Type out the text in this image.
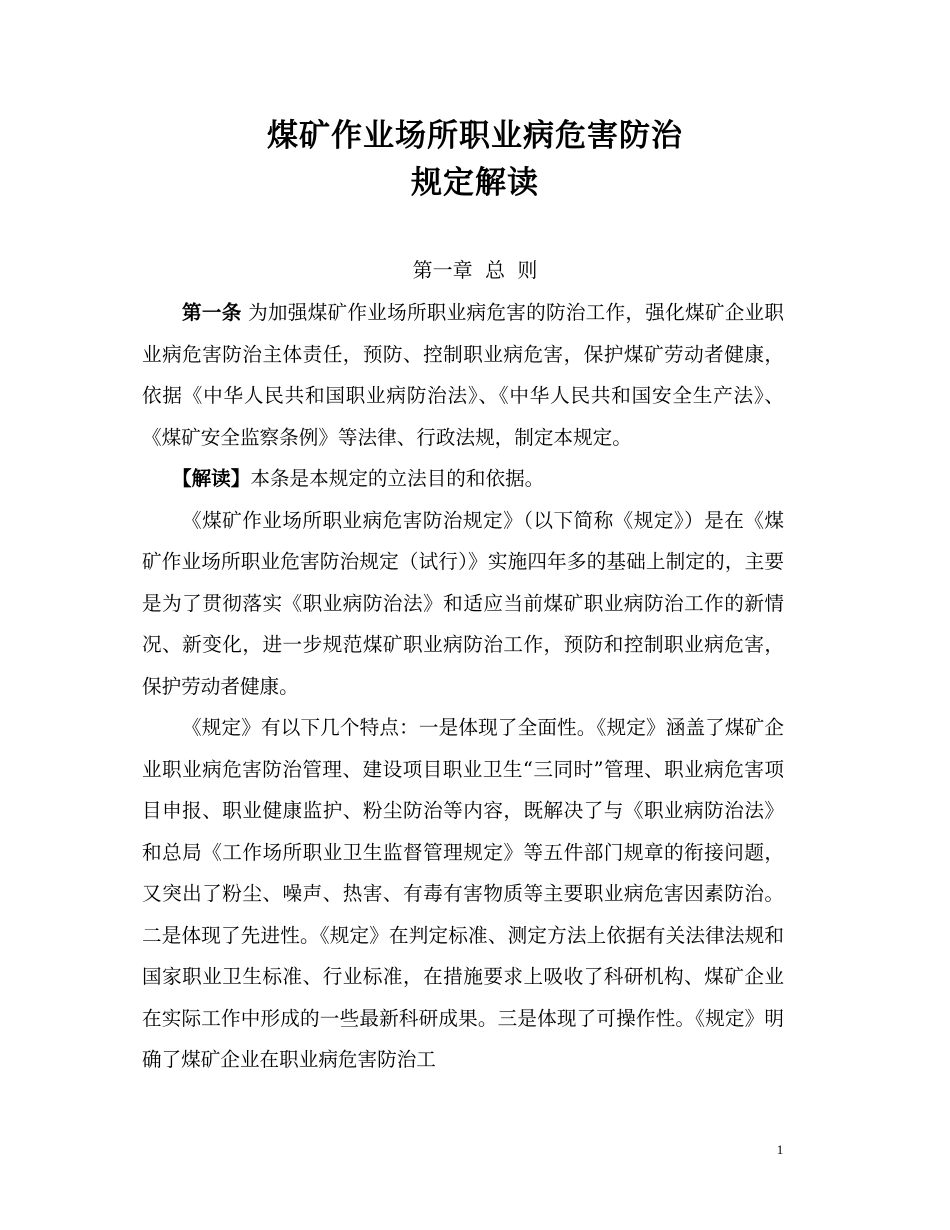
煤矿作业场所职业病危害防治
规定解读
第一章 总 则

第一条 为加强煤矿作业场所职业病危害的防治工作，强化煤矿企业职业病危害防治主体责任，预防、控制职业病危害，保护煤矿劳动者健康，依据《中华人民共和国职业病防治法》、《中华人民共和国安全生产法》、《煤矿安全监察条例》等法律、行政法规，制定本规定。

【解读】本条是本规定的立法目的和依据。

《煤矿作业场所职业病危害防治规定》（以下简称《规定》）是在《煤矿作业场所职业危害防治规定（试行）》实施四年多的基础上制定的，主要是为了贯彻落实《职业病防治法》和适应当前煤矿职业病防治工作的新情况、新变化，进一步规范煤矿职业病防治工作，预防和控制职业病危害，保护劳动者健康。

《规定》有以下几个特点：一是体现了全面性。《规定》涵盖了煤矿企业职业病危害防治管理、建设项目职业卫生“三同时”管理、职业病危害项目申报、职业健康监护、粉尘防治等内容，既解决了与《职业病防治法》和总局《工作场所职业卫生监督管理规定》等五件部门规章的衔接问题，又突出了粉尘、噪声、热害、有毒有害物质等主要职业病危害因素防治。二是体现了先进性。《规定》在判定标准、测定方法上依据有关法律法规和国家职业卫生标准、行业标准，在措施要求上吸收了科研机构、煤矿企业在实际工作中形成的一些最新科研成果。三是体现了可操作性。《规定》明确了煤矿企业在职业病危害防治工

1
